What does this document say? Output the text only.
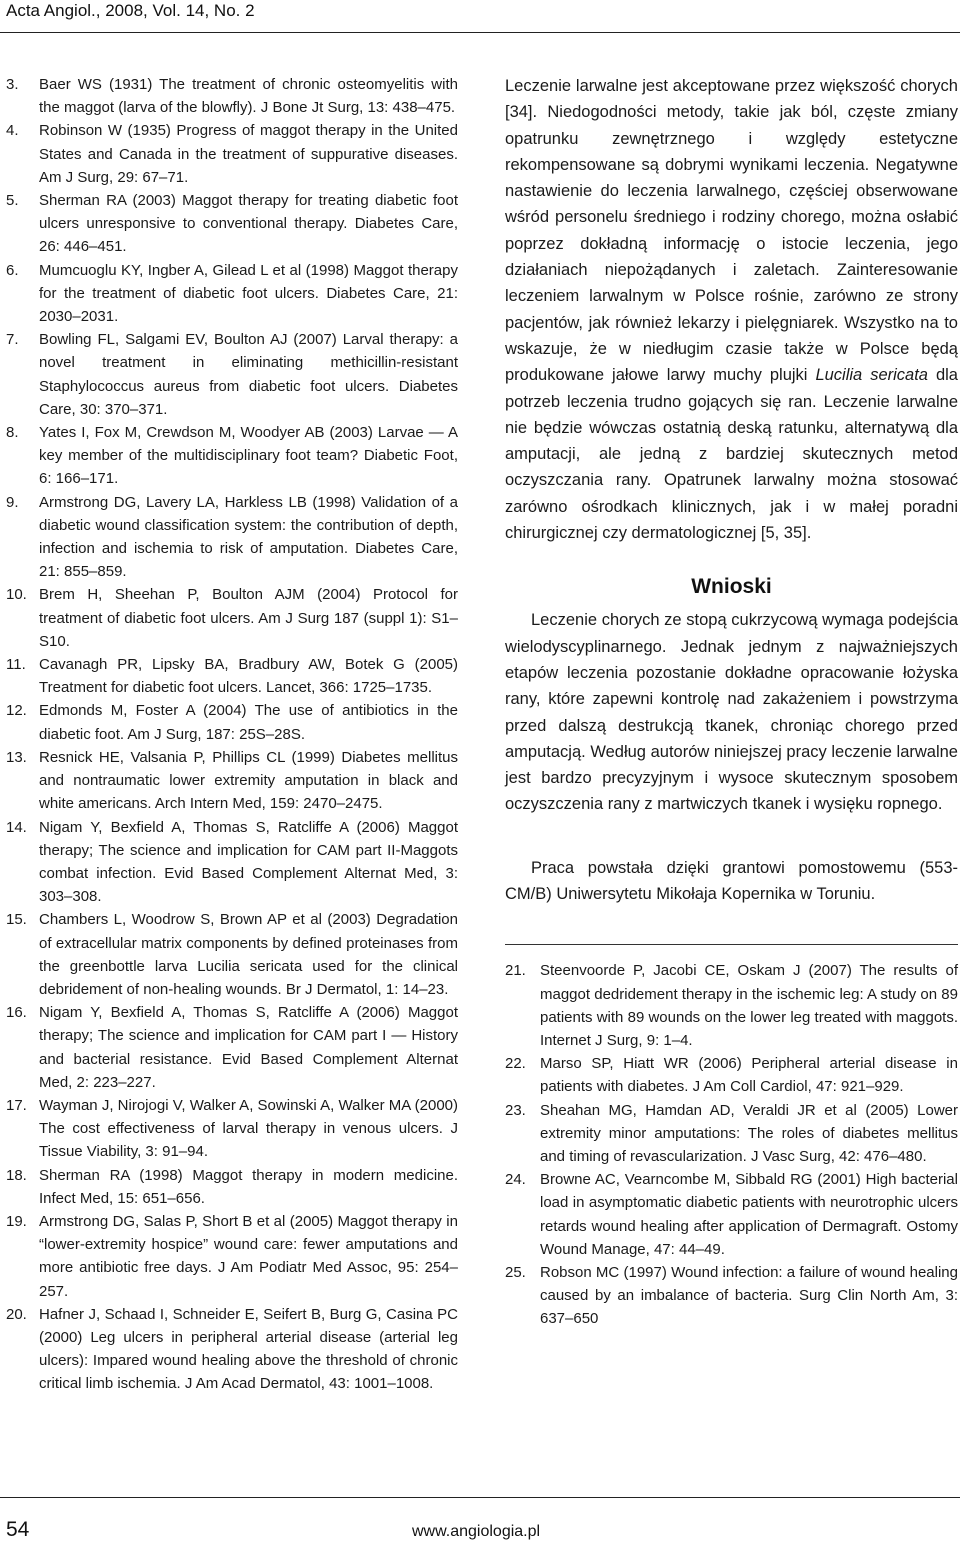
Acta Angiol., 2008, Vol. 14, No. 2
3.	Baer WS (1931) The treatment of chronic osteomyelitis with the maggot (larva of the blowfly). J Bone Jt Surg, 13: 438–475.
4.	Robinson W (1935) Progress of maggot therapy in the United States and Canada in the treatment of suppurative diseases. Am J Surg, 29: 67–71.
5.	Sherman RA (2003) Maggot therapy for treating diabetic foot ulcers unresponsive to conventional therapy. Diabetes Care, 26: 446–451.
6.	Mumcuoglu KY, Ingber A, Gilead L et al (1998) Maggot therapy for the treatment of diabetic foot ulcers. Diabetes Care, 21: 2030–2031.
7.	Bowling FL, Salgami EV, Boulton AJ (2007) Larval therapy: a novel treatment in eliminating methicillin-resistant Staphylococcus aureus from diabetic foot ulcers. Diabetes Care, 30: 370–371.
8.	Yates I, Fox M, Crewdson M, Woodyer AB (2003) Larvae — A key member of the multidisciplinary foot team? Diabetic Foot, 6: 166–171.
9.	Armstrong DG, Lavery LA, Harkless LB (1998) Validation of a diabetic wound classification system: the contribution of depth, infection and ischemia to risk of amputation. Diabetes Care, 21: 855–859.
10. Brem H, Sheehan P, Boulton AJM (2004) Protocol for treatment of diabetic foot ulcers. Am J Surg 187 (suppl 1): S1–S10.
11. Cavanagh PR, Lipsky BA, Bradbury AW, Botek G (2005) Treatment for diabetic foot ulcers. Lancet, 366: 1725–1735.
12. Edmonds M, Foster A (2004) The use of antibiotics in the diabetic foot. Am J Surg, 187: 25S–28S.
13. Resnick HE, Valsania P, Phillips CL (1999) Diabetes mellitus and nontraumatic lower extremity amputation in black and white americans. Arch Intern Med, 159: 2470–2475.
14. Nigam Y, Bexfield A, Thomas S, Ratcliffe A (2006) Maggot therapy; The science and implication for CAM part II-Maggots combat infection. Evid Based Complement Alternat Med, 3: 303–308.
15. Chambers L, Woodrow S, Brown AP et al (2003) Degradation of extracellular matrix components by defined proteinases from the greenbottle larva Lucilia sericata used for the clinical debridement of non-healing wounds. Br J Dermatol, 1: 14–23.
16. Nigam Y, Bexfield A, Thomas S, Ratcliffe A (2006) Maggot therapy; The science and implication for CAM part I — History and bacterial resistance. Evid Based Complement Alternat Med, 2: 223–227.
17. Wayman J, Nirojogi V, Walker A, Sowinski A, Walker MA (2000) The cost effectiveness of larval therapy in venous ulcers. J Tissue Viability, 3: 91–94.
18. Sherman RA (1998) Maggot therapy in modern medicine. Infect Med, 15: 651–656.
19. Armstrong DG, Salas P, Short B et al (2005) Maggot therapy in “lower-extremity hospice” wound care: fewer amputations and more antibiotic free days. J Am Podiatr Med Assoc, 95: 254–257.
20. Hafner J, Schaad I, Schneider E, Seifert B, Burg G, Casina PC (2000) Leg ulcers in peripheral arterial disease (arterial leg ulcers): Impared wound healing above the threshold of chronic critical limb ischemia. J Am Acad Dermatol, 43: 1001–1008.

Leczenie larwalne jest akceptowane przez większość chorych [34]. Niedogodności metody, takie jak ból, częste zmiany opatrunku zewnętrznego i względy estetyczne rekompensowane są dobrymi wynikami leczenia. Negatywne nastawienie do leczenia larwalnego, częściej obserwowane wśród personelu średniego i rodziny chorego, można osłabić poprzez dokładną informację o istocie leczenia, jego działaniach niepożądanych i zaletach. Zainteresowanie leczeniem larwalnym w Polsce rośnie, zarówno ze strony pacjentów, jak również lekarzy i pielęgniarek. Wszystko na to wskazuje, że w niedługim czasie także w Polsce będą produkowane jałowe larwy muchy plujki Lucilia sericata dla potrzeb leczenia trudno gojących się ran. Leczenie larwalne nie będzie wówczas ostatnią deską ratunku, alternatywą dla amputacji, ale jedną z bardziej skutecznych metod oczyszczania rany. Opatrunek larwalny można stosować zarówno ośrodkach klinicznych, jak i w małej poradni chirurgicznej czy dermatologicznej [5, 35].

Wnioski

Leczenie chorych ze stopą cukrzycową wymaga podejścia wielodyscyplinarnego. Jednak jednym z najważniejszych etapów leczenia pozostanie dokładne opracowanie łożyska rany, które zapewni kontrolę nad zakażeniem i powstrzyma przed dalszą destrukcją tkanek, chroniąc chorego przed amputacją. Według autorów niniejszej pracy leczenie larwalne jest bardzo precyzyjnym i wysoce skutecznym sposobem oczyszczenia rany z martwiczych tkanek i wysięku ropnego.

Praca powstała dzięki grantowi pomostowemu (553-CM/B) Uniwersytetu Mikołaja Kopernika w Toruniu.

21. Steenvoorde P, Jacobi CE, Oskam J (2007) The results of maggot dedridement therapy in the ischemic leg: A study on 89 patients with 89 wounds on the lower leg treated with maggots. Internet J Surg, 9: 1–4.
22. Marso SP, Hiatt WR (2006) Peripheral arterial disease in patients with diabetes. J Am Coll Cardiol, 47: 921–929.
23. Sheahan MG, Hamdan AD, Veraldi JR et al (2005) Lower extremity minor amputations: The roles of diabetes mellitus and timing of revascularization. J Vasc Surg, 42: 476–480.
24. Browne AC, Vearncombe M, Sibbald RG (2001) High bacterial load in asymptomatic diabetic patients with neurotrophic ulcers retards wound healing after application of Dermagraft. Ostomy Wound Manage, 47: 44–49.
25. Robson MC (1997) Wound infection: a failure of wound healing caused by an imbalance of bacteria. Surg Clin North Am, 3: 637–650
54	www.angiologia.pl
